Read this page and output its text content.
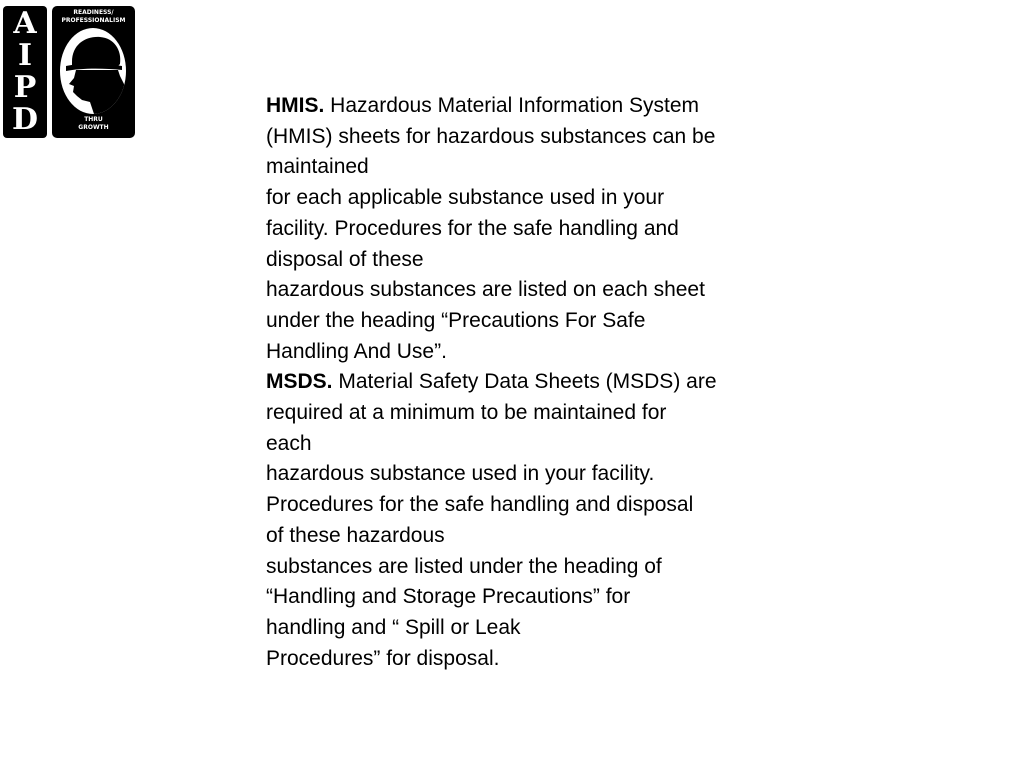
A
I
P
D
READINESS/
PROFESSIONALISM
THRU
GROWTH
HMIS. Hazardous Material Information System
(HMIS) sheets for hazardous substances can be
maintained
for each applicable substance used in your
facility. Procedures for the safe handling and
disposal of these
hazardous substances are listed on each sheet
under the heading “Precautions For Safe
Handling And Use”.
MSDS. Material Safety Data Sheets (MSDS) are
required at a minimum to be maintained for
each
hazardous substance used in your facility.
Procedures for the safe handling and disposal
of these hazardous
substances are listed under the heading of
“Handling and Storage Precautions” for
handling and “ Spill or Leak
Procedures” for disposal.
